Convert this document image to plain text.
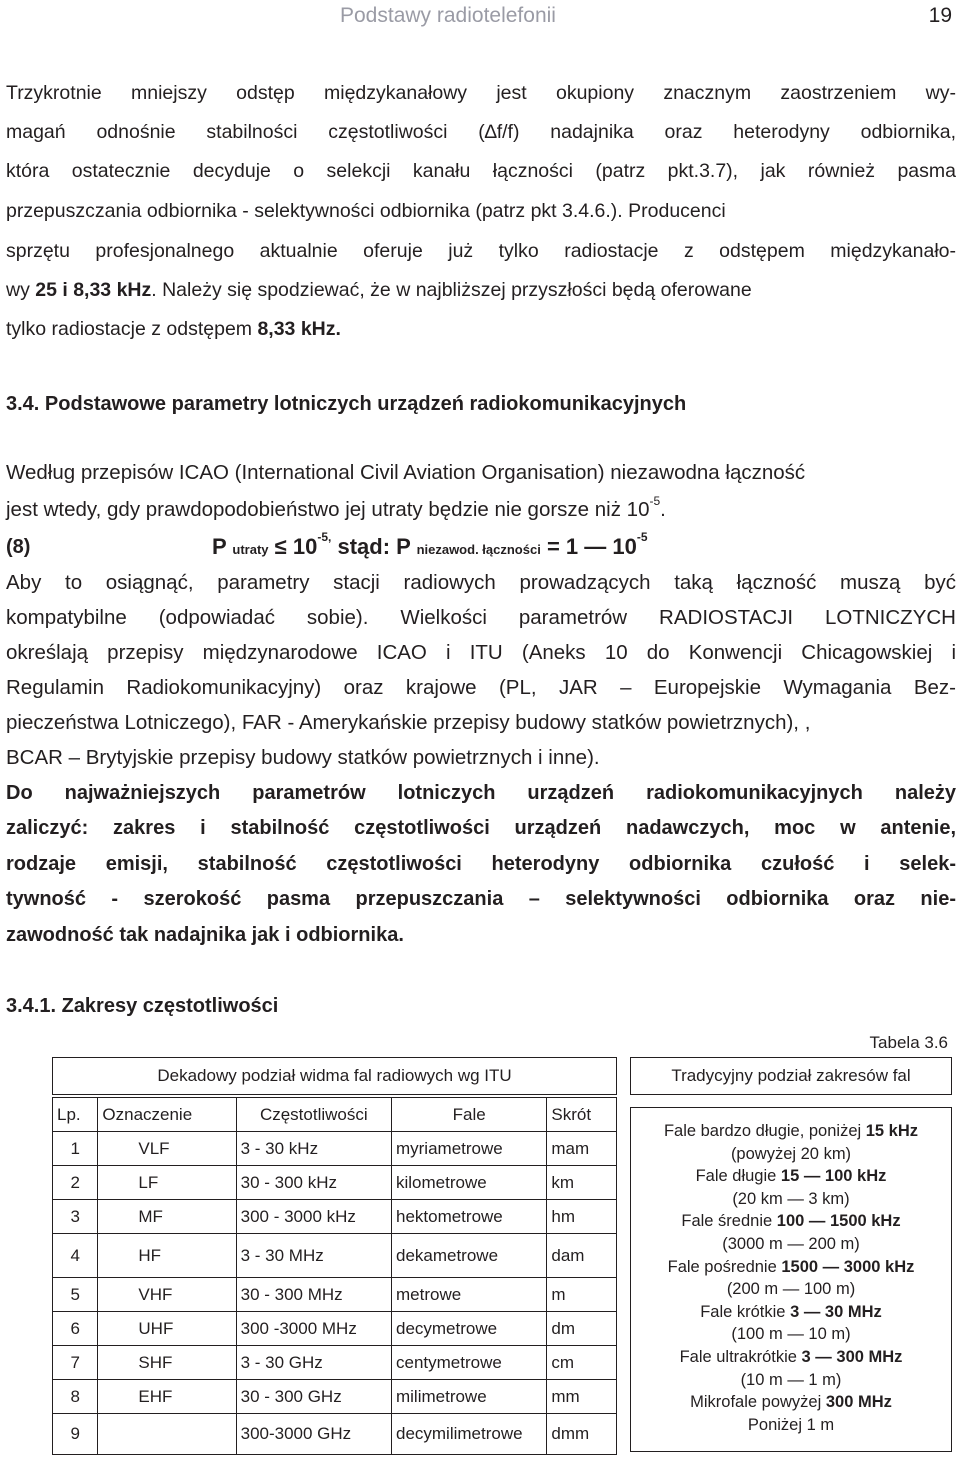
Podstawy radiotelefonii	19
Trzykrotnie mniejszy odstęp międzykanałowy jest okupiony znacznym zaostrzeniem wy-
magań odnośnie stabilności częstotliwości (∆f/f) nadajnika oraz heterodyny odbiornika,
która ostatecznie decyduje o selekcji kanału łączności (patrz pkt.3.7), jak również pasma
przepuszczania odbiornika - selektywności odbiornika (patrz pkt 3.4.6.). Producenci
sprzętu profesjonalnego aktualnie oferuje już tylko radiostacje z odstępem międzykanało-
wy 25 i 8,33 kHz. Należy się spodziewać, że w najbliższej przyszłości będą oferowane
tylko radiostacje z odstępem 8,33 kHz.
3.4. Podstawowe parametry lotniczych urządzeń radiokomunikacyjnych
Według przepisów ICAO (International Civil Aviation Organisation) niezawodna łączność
jest wtedy, gdy prawdopodobieństwo jej utraty będzie nie gorsze niż $10^{-5}$.
(8)	P utraty ≤ $10^{-5,}$ stąd: P niezawod. łączności = 1 — $10^{-5}$
Aby to osiągnąć, parametry stacji radiowych prowadzących taką łączność muszą być
kompatybilne (odpowiadać sobie). Wielkości parametrów RADIOSTACJI LOTNICZYCH
określają przepisy międzynarodowe ICAO i ITU (Aneks 10 do Konwencji Chicagowskiej i
Regulamin Radiokomunikacyjny) oraz krajowe (PL, JAR – Europejskie Wymagania Bez-
pieczeństwa Lotniczego), FAR - Amerykańskie przepisy budowy statków powietrznych), ,
BCAR – Brytyjskie przepisy budowy statków powietrznych i inne).
Do najważniejszych parametrów lotniczych urządzeń radiokomunikacyjnych należy
zaliczyć: zakres i stabilność częstotliwości urządzeń nadawczych, moc w antenie,
rodzaje emisji, stabilność częstotliwości heterodyny odbiornika czułość i selek-
tywność - szerokość pasma przepuszczania – selektywności odbiornika oraz nie-
zawodność tak nadajnika jak i odbiornika.
3.4.1. Zakresy częstotliwości
Tabela 3.6
Dekadowy podział widma fal radiowych wg ITU
Lp.	Oznaczenie	Częstotliwości	Fale	Skrót
1	VLF	3 - 30 kHz	myriametrowe	mam
2	LF	30 - 300 kHz	kilometrowe	km
3	MF	300 - 3000 kHz	hektometrowe	hm
4	HF	3 - 30 MHz	dekametrowe	dam
5	VHF	30 - 300 MHz	metrowe	m
6	UHF	300 -3000 MHz	decymetrowe	dm
7	SHF	3 - 30 GHz	centymetrowe	cm
8	EHF	30 - 300 GHz	milimetrowe	mm
9		300-3000 GHz	decymilimetrowe	dmm
Tradycyjny podział zakresów fal
Fale bardzo długie, poniżej 15 kHz
(powyżej 20 km)
Fale długie 15 — 100 kHz
(20 km — 3 km)
Fale średnie 100 — 1500 kHz
(3000 m — 200 m)
Fale pośrednie 1500 — 3000 kHz
(200 m — 100 m)
Fale krótkie 3 — 30 MHz
(100 m — 10 m)
Fale ultrakrótkie 3 — 300 MHz
(10 m — 1 m)
Mikrofale powyżej 300 MHz
Poniżej 1 m
